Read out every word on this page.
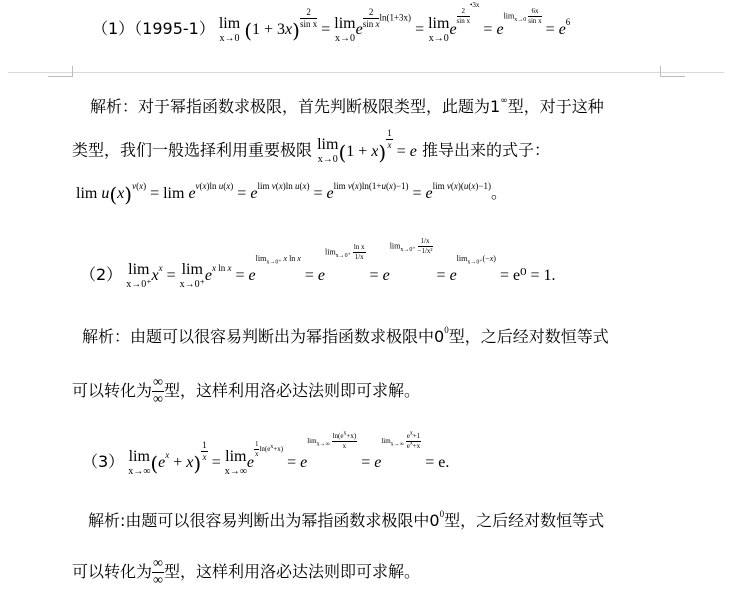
（1）（1995-1） lim
x→0 $(1 + 3x) \frac{2}{\text{sin x}}$
= lim
x→0
e
$\frac{2}{\text{sin x}} \ln(1+3x) = \lim$
x→0
e
$\frac{2}{\text{sin x}}$
$^{•3x} = elim_{x\to 0} \frac{6x}{\text{sin x}}$
= $e^6$
解析：对于幂指函数求极限，首先判断极限类型，此题为1∞型，对于这种
类型，我们一般选择利用重要极限 lim
x→0 (1 + x)
$\frac{1}{x}$
= e 推导出来的式子：
$\lim u(x)^{v(x)} = \lim e^{v(x)ln u(x)} = e^{lim v(x)ln u(x)} = e^{lim v(x)ln(1+u(x)-1)} = e^{lim v(x)(u(x)-1)}$。
（2） lim
x→0⁺
$x^x = \lim$
x→0⁺
$e^{x ln x} = elim_{x\to 0^+}$ x $\ln x = elim_{x\to 0^+} \frac{\text{ln x}}{1/x}$
= $elim_{x\to 0^+} \frac{1/x}{\text{−1/x²}}$
= elim$_{x\to 0^+}$(−x) = e⁰ = 1.
解析：由题可以很容易判断出为幂指函数求极限中$0^0$型，之后经对数恒等式
可以转化为 $\frac{\infty}{\infty}$ 型，这样利用洛必达法则即可求解。
（3） lim
x→∞ $(e^x + x) \frac{1}{x}$
= lim
x→∞
e
$\frac{1}{x} \ln(e^x+x) = elim_{x\to\infty} \frac{\ln(e^x+x)}{x}$
= $elim_{x\to\infty} \frac{e^x+1}{e^x+x}$
= e.
解析:由题可以很容易判断出为幂指函数求极限中$0^0$型，之后经对数恒等式
可以转化为 $\frac{\infty}{\infty}$ 型，这样利用洛必达法则即可求解。
